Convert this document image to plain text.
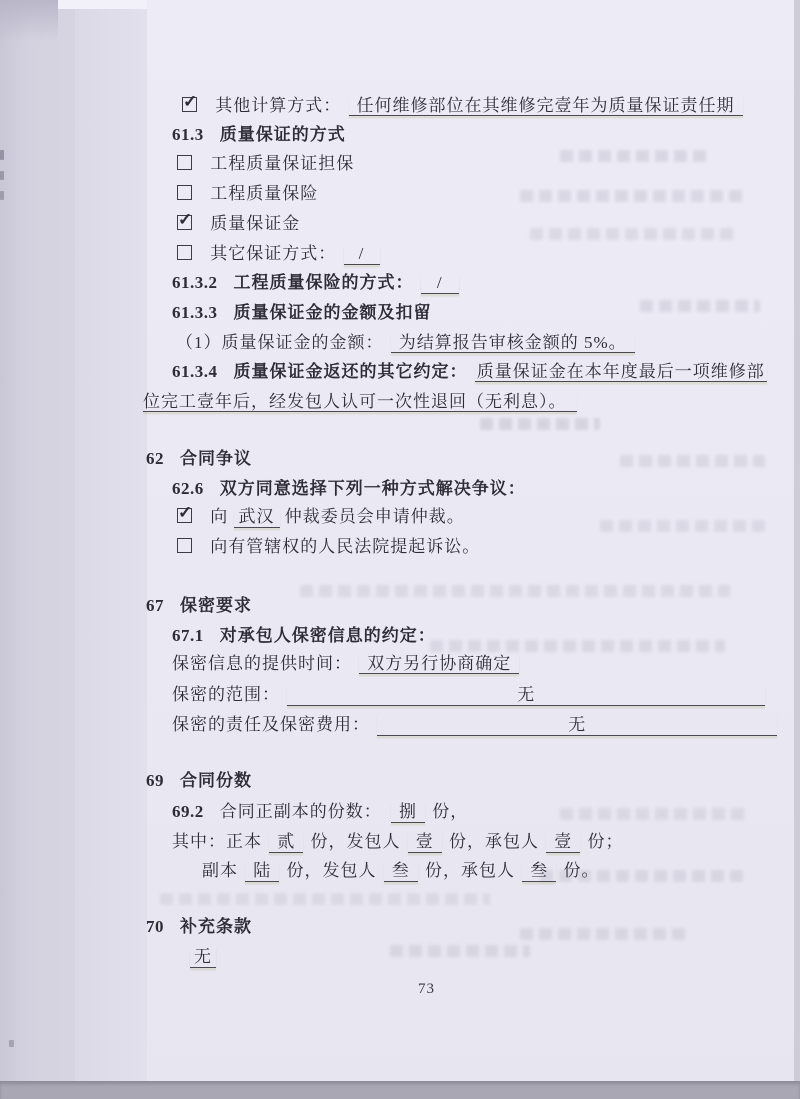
✓ 其他计算方式： 任何维修部位在其维修完壹年为质量保证责任期
61.3 质量保证的方式
工程质量保证担保
工程质量保险
✓ 质量保证金
其它保证方式： /
61.3.2 工程质量保险的方式： /
61.3.3 质量保证金的金额及扣留
（1）质量保证金的金额： 为结算报告审核金额的 5%。
61.3.4 质量保证金返还的其它约定： 质量保证金在本年度最后一项维修部
位完工壹年后，经发包人认可一次性退回（无利息）。
62 合同争议
62.6 双方同意选择下列一种方式解决争议：
✓ 向 武汉 仲裁委员会申请仲裁。
向有管辖权的人民法院提起诉讼。
67 保密要求
67.1 对承包人保密信息的约定：
保密信息的提供时间： 双方另行协商确定
保密的范围：	无
保密的责任及保密费用：	无
69 合同份数
69.2 合同正副本的份数： 捌 份，
其中：正本 贰 份，发包人 壹 份，承包人 壹 份；
副本 陆 份，发包人 叁 份，承包人 叁 份。
70 补充条款
无
73
